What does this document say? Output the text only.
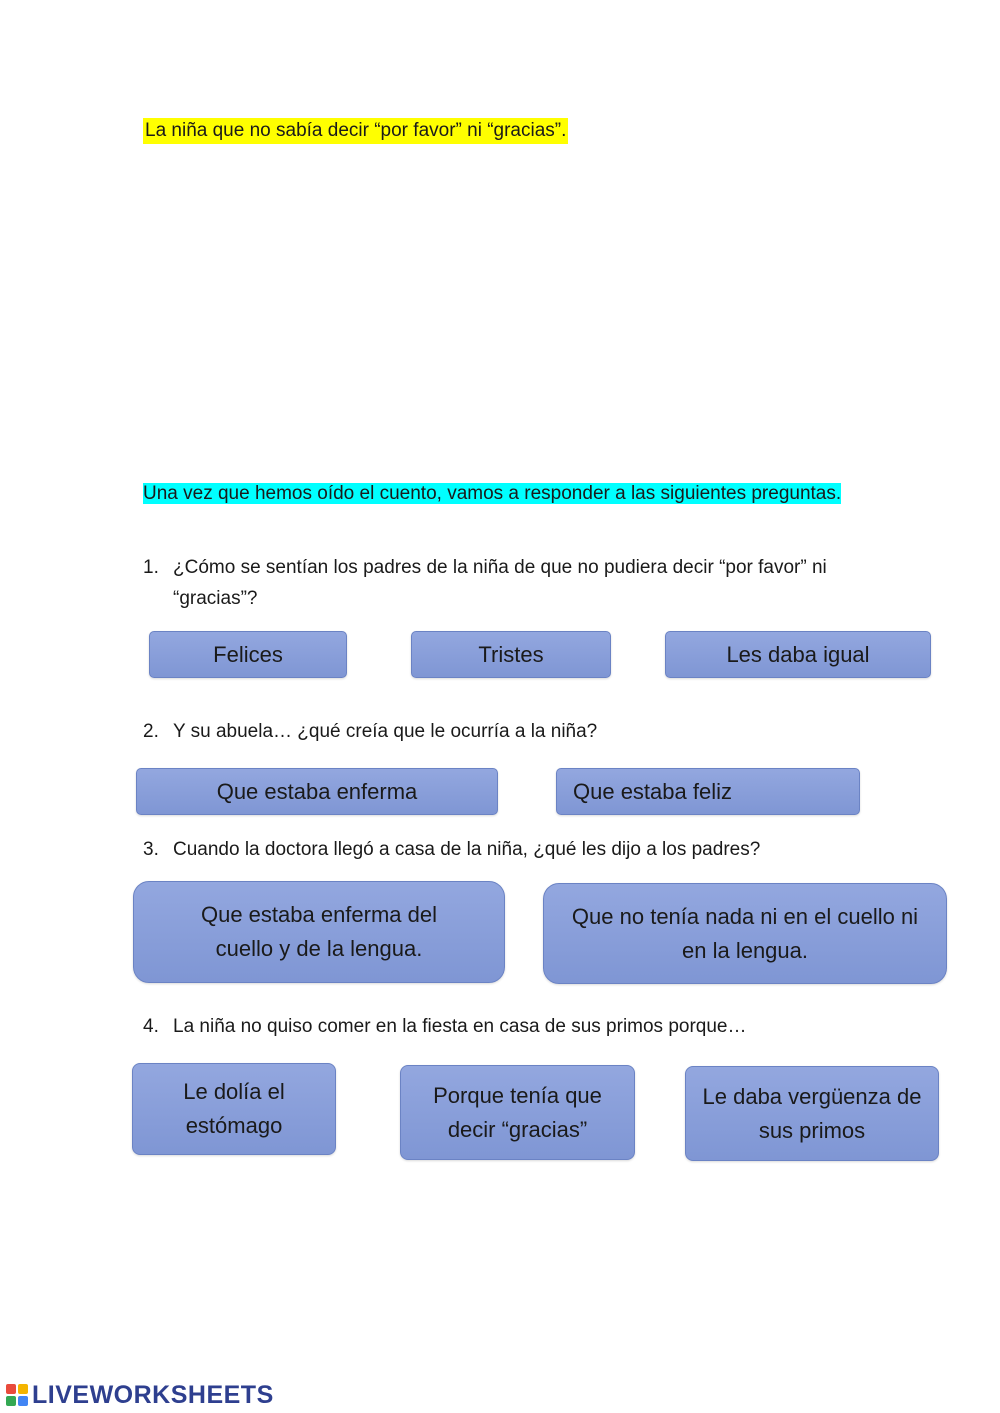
La niña que no sabía decir “por favor” ni “gracias”.
Una vez que hemos oído el cuento, vamos a responder a las siguientes preguntas.
1. ¿Cómo se sentían los padres de la niña de que no pudiera decir “por favor” ni “gracias”?
Felices	Tristes	Les daba igual
2. Y su abuela… ¿qué creía que le ocurría a la niña?
Que estaba enferma	Que estaba feliz
3. Cuando la doctora llegó a casa de la niña, ¿qué les dijo a los padres?
Que estaba enferma del cuello y de la lengua.
Que no tenía nada ni en el cuello ni en la lengua.
4. La niña no quiso comer en la fiesta en casa de sus primos porque…
Le dolía el estómago
Porque tenía que decir “gracias”
Le daba vergüenza de sus primos
LIVEWORKSHEETS
